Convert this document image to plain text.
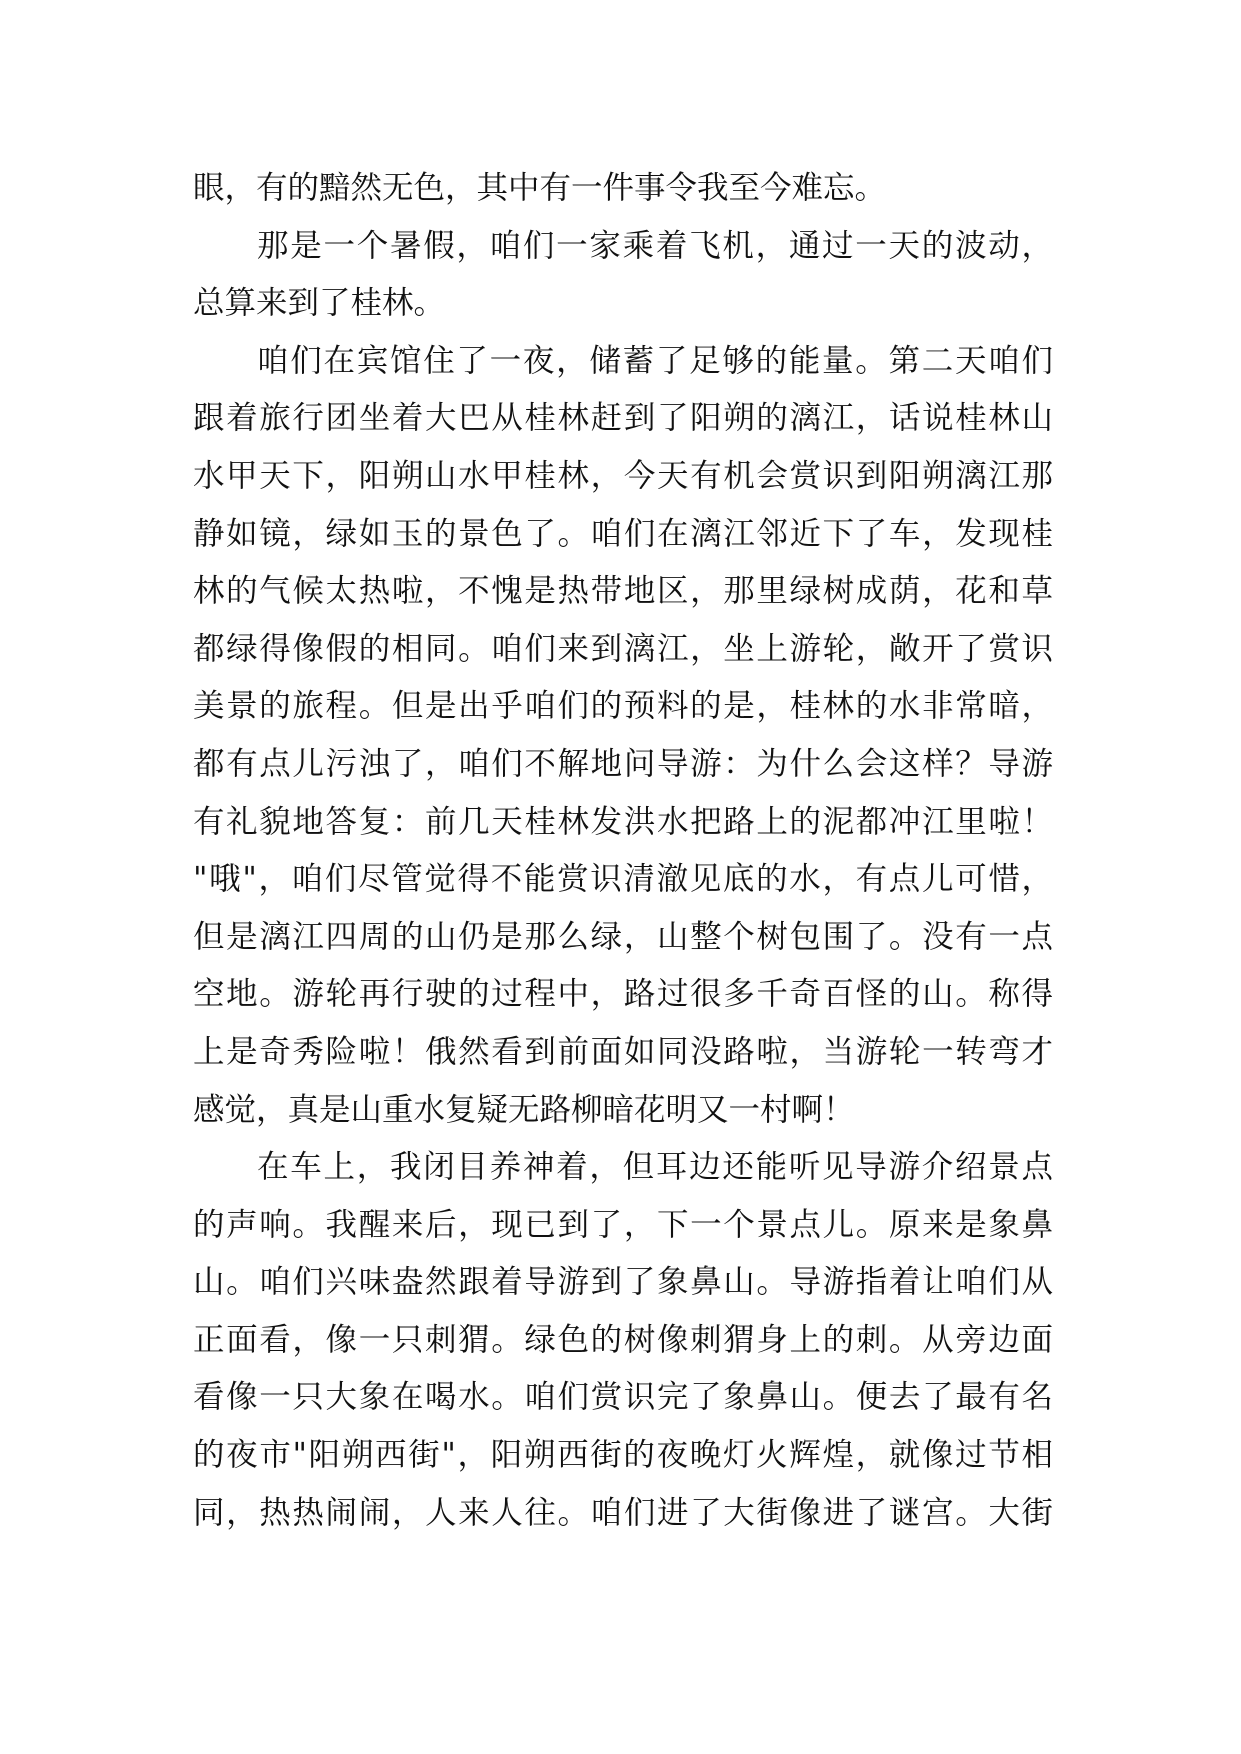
眼，有的黯然无色，其中有一件事令我至今难忘。
那是一个暑假，咱们一家乘着飞机，通过一天的波动，
总算来到了桂林。
咱们在宾馆住了一夜，储蓄了足够的能量。第二天咱们
跟着旅行团坐着大巴从桂林赶到了阳朔的漓江，话说桂林山
水甲天下，阳朔山水甲桂林，今天有机会赏识到阳朔漓江那
静如镜，绿如玉的景色了。咱们在漓江邻近下了车，发现桂
林的气候太热啦，不愧是热带地区，那里绿树成荫，花和草
都绿得像假的相同。咱们来到漓江，坐上游轮，敞开了赏识
美景的旅程。但是出乎咱们的预料的是，桂林的水非常暗，
都有点儿污浊了，咱们不解地问导游：为什么会这样？导游
有礼貌地答复：前几天桂林发洪水把路上的泥都冲江里啦！
"哦"，咱们尽管觉得不能赏识清澈见底的水，有点儿可惜，
但是漓江四周的山仍是那么绿，山整个树包围了。没有一点
空地。游轮再行驶的过程中，路过很多千奇百怪的山。称得
上是奇秀险啦！俄然看到前面如同没路啦，当游轮一转弯才
感觉，真是山重水复疑无路柳暗花明又一村啊！
在车上，我闭目养神着，但耳边还能听见导游介绍景点
的声响。我醒来后，现已到了，下一个景点儿。原来是象鼻
山。咱们兴味盎然跟着导游到了象鼻山。导游指着让咱们从
正面看，像一只刺猬。绿色的树像刺猬身上的刺。从旁边面
看像一只大象在喝水。咱们赏识完了象鼻山。便去了最有名
的夜市"阳朔西街"，阳朔西街的夜晚灯火辉煌，就像过节相
同，热热闹闹，人来人往。咱们进了大街像进了谜宫。大街
